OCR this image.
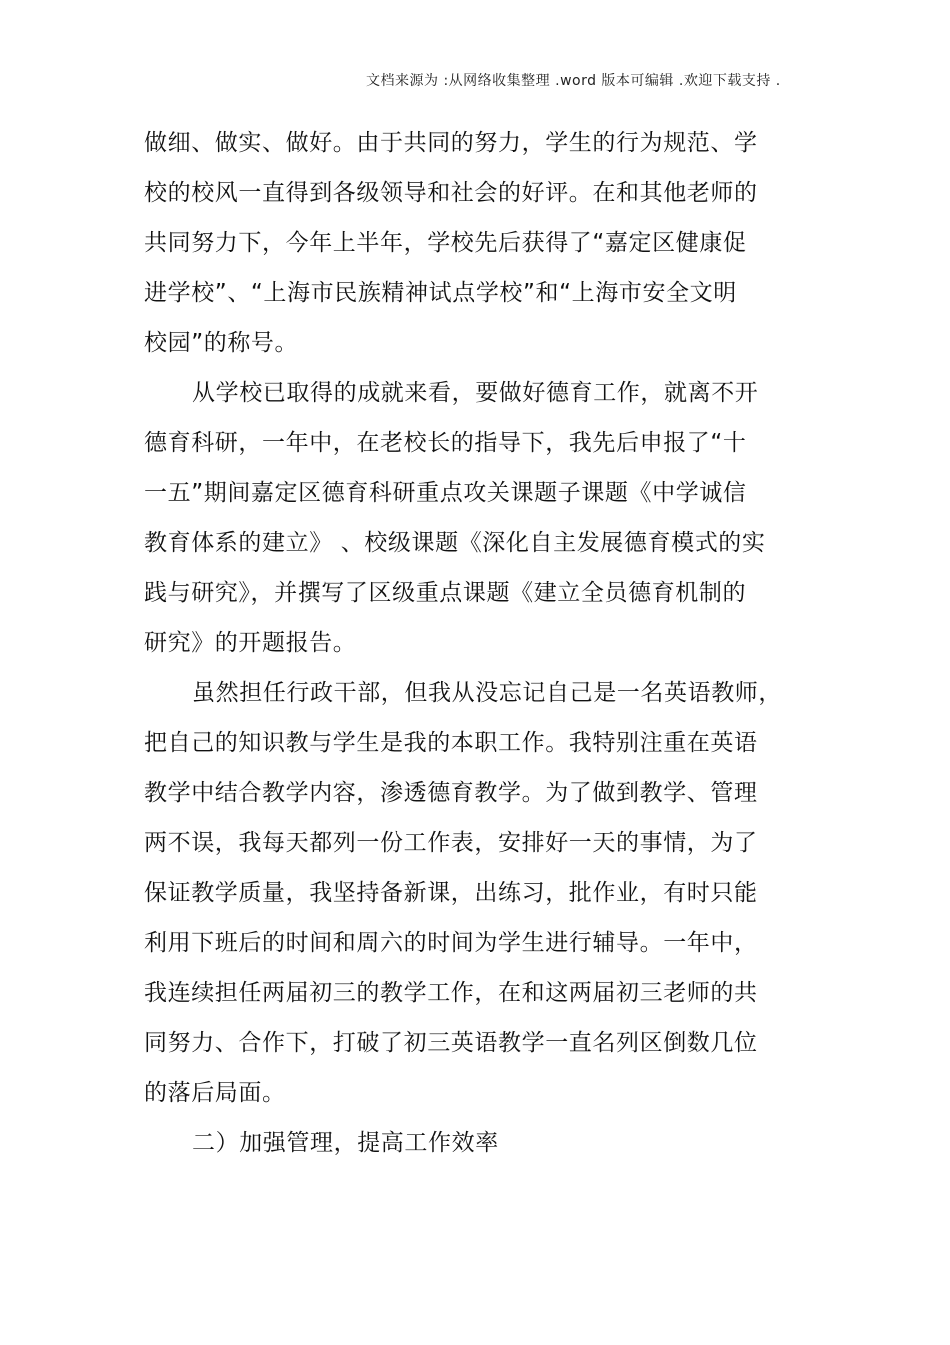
文档来源为 :从网络收集整理 .word 版本可编辑 .欢迎下载支持 .
做细、做实、做好。由于共同的努力，学生的行为规范、学
校的校风一直得到各级领导和社会的好评。在和其他老师的
共同努力下，今年上半年，学校先后获得了“嘉定区健康促
进学校”、“上海市民族精神试点学校”和“上海市安全文明
校园”的称号。
从学校已取得的成就来看，要做好德育工作，就离不开
德育科研，一年中，在老校长的指导下，我先后申报了“十
一五”期间嘉定区德育科研重点攻关课题子课题《中学诚信
教育体系的建立》 、校级课题《深化自主发展德育模式的实
践与研究》，并撰写了区级重点课题《建立全员德育机制的
研究》的开题报告。
虽然担任行政干部，但我从没忘记自己是一名英语教师，
把自己的知识教与学生是我的本职工作。我特别注重在英语
教学中结合教学内容，渗透德育教学。为了做到教学、管理
两不误，我每天都列一份工作表，安排好一天的事情，为了
保证教学质量，我坚持备新课，出练习，批作业，有时只能
利用下班后的时间和周六的时间为学生进行辅导。一年中，
我连续担任两届初三的教学工作，在和这两届初三老师的共
同努力、合作下，打破了初三英语教学一直名列区倒数几位
的落后局面。
二）加强管理，提高工作效率
